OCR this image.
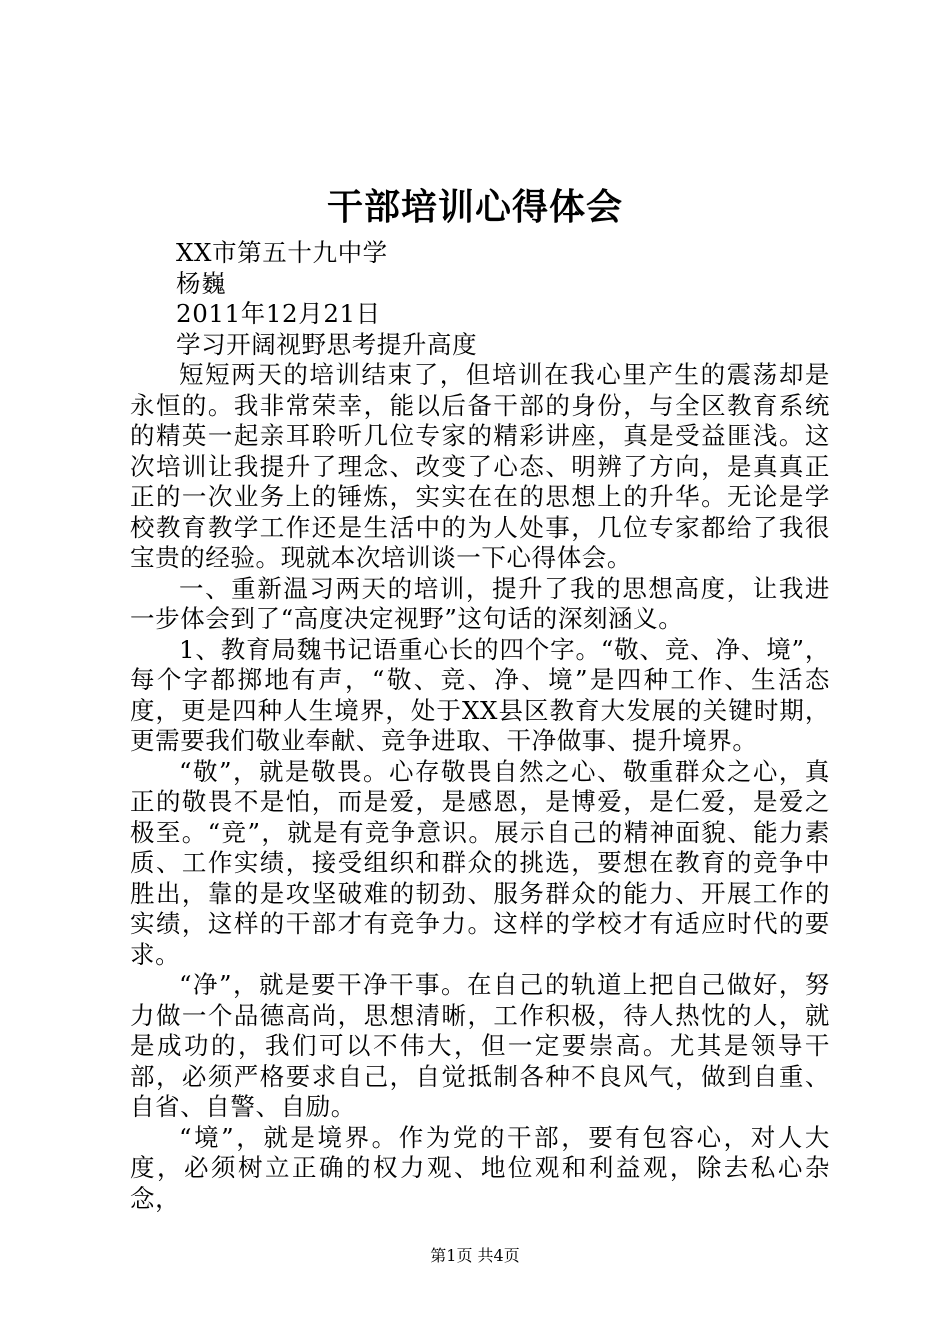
干部培训心得体会

XX市第五十九中学

杨巍

2011年12月21日

学习开阔视野思考提升高度

短短两天的培训结束了，但培训在我心里产生的震荡却是永恒的。我非常荣幸，能以后备干部的身份，与全区教育系统的精英一起亲耳聆听几位专家的精彩讲座，真是受益匪浅。这次培训让我提升了理念、改变了心态、明辨了方向，是真真正正的一次业务上的锤炼，实实在在的思想上的升华。无论是学校教育教学工作还是生活中的为人处事，几位专家都给了我很宝贵的经验。现就本次培训谈一下心得体会。

一、重新温习两天的培训，提升了我的思想高度，让我进一步体会到了“高度决定视野”这句话的深刻涵义。

1、教育局魏书记语重心长的四个字。“敬、竞、净、境”，每个字都掷地有声，“敬、竞、净、境”是四种工作、生活态度，更是四种人生境界，处于XX县区教育大发展的关键时期，更需要我们敬业奉献、竞争进取、干净做事、提升境界。

“敬”，就是敬畏。心存敬畏自然之心、敬重群众之心，真正的敬畏不是怕，而是爱，是感恩，是博爱，是仁爱，是爱之极至。“竞”，就是有竞争意识。展示自己的精神面貌、能力素质、工作实绩，接受组织和群众的挑选，要想在教育的竞争中胜出，靠的是攻坚破难的韧劲、服务群众的能力、开展工作的实绩，这样的干部才有竞争力。这样的学校才有适应时代的要求。

“净”，就是要干净干事。在自己的轨道上把自己做好，努力做一个品德高尚，思想清晰，工作积极，待人热忱的人，就是成功的，我们可以不伟大，但一定要崇高。尤其是领导干部，必须严格要求自己，自觉抵制各种不良风气，做到自重、自省、自警、自励。

“境”，就是境界。作为党的干部，要有包容心，对人大度，必须树立正确的权力观、地位观和利益观，除去私心杂念，

第1页 共4页
